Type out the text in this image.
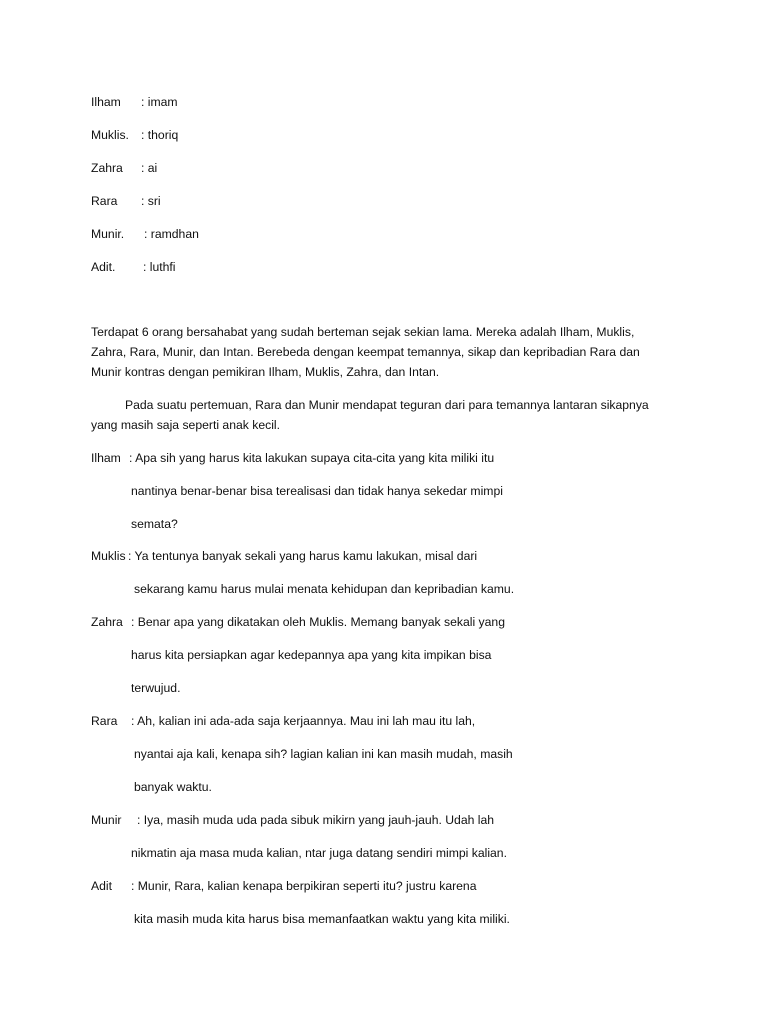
Ilham : imam
Muklis. : thoriq
Zahra : ai
Rara : sri
Munir. : ramdhan
Adit. : luthfi
Terdapat 6 orang bersahabat yang sudah berteman sejak sekian lama. Mereka adalah Ilham, Muklis,
Zahra, Rara, Munir, dan Intan. Berebeda dengan keempat temannya, sikap dan kepribadian Rara dan
Munir kontras dengan pemikiran Ilham, Muklis, Zahra, dan Intan.
Pada suatu pertemuan, Rara dan Munir mendapat teguran dari para temannya lantaran sikapnya
yang masih saja seperti anak kecil.
Ilham : Apa sih yang harus kita lakukan supaya cita-cita yang kita miliki itu
nantinya benar-benar bisa terealisasi dan tidak hanya sekedar mimpi
semata?
Muklis : Ya tentunya banyak sekali yang harus kamu lakukan, misal dari
sekarang kamu harus mulai menata kehidupan dan kepribadian kamu.
Zahra : Benar apa yang dikatakan oleh Muklis. Memang banyak sekali yang
harus kita persiapkan agar kedepannya apa yang kita impikan bisa
terwujud.
Rara : Ah, kalian ini ada-ada saja kerjaannya. Mau ini lah mau itu lah,
nyantai aja kali, kenapa sih? lagian kalian ini kan masih mudah, masih
banyak waktu.
Munir : Iya, masih muda uda pada sibuk mikirn yang jauh-jauh. Udah lah
nikmatin aja masa muda kalian, ntar juga datang sendiri mimpi kalian.
Adit : Munir, Rara, kalian kenapa berpikiran seperti itu? justru karena
kita masih muda kita harus bisa memanfaatkan waktu yang kita miliki.
